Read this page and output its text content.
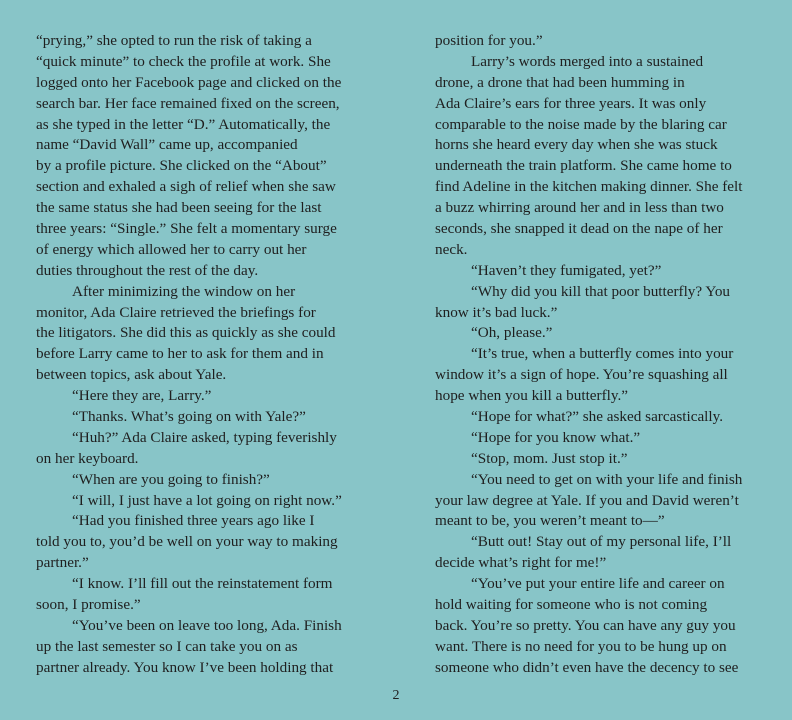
“prying,” she opted to run the risk of taking a
“quick minute” to check the profile at work. She
logged onto her Facebook page and clicked on the
search bar. Her face remained fixed on the screen,
as she typed in the letter “D.” Automatically, the
name “David Wall” came up, accompanied
by a profile picture. She clicked on the “About”
section and exhaled a sigh of relief when she saw
the same status she had been seeing for the last
three years: “Single.” She felt a momentary surge
of energy which allowed her to carry out her
duties throughout the rest of the day.
After minimizing the window on her
monitor, Ada Claire retrieved the briefings for
the litigators. She did this as quickly as she could
before Larry came to her to ask for them and in
between topics, ask about Yale.
“Here they are, Larry.”
“Thanks. What’s going on with Yale?”
“Huh?” Ada Claire asked, typing feverishly
on her keyboard.
“When are you going to finish?”
“I will, I just have a lot going on right now.”
“Had you finished three years ago like I
told you to, you’d be well on your way to making
partner.”
“I know. I’ll fill out the reinstatement form
soon, I promise.”
“You’ve been on leave too long, Ada. Finish
up the last semester so I can take you on as
partner already. You know I’ve been holding that
position for you.”
Larry’s words merged into a sustained
drone, a drone that had been humming in
Ada Claire’s ears for three years. It was only
comparable to the noise made by the blaring car
horns she heard every day when she was stuck
underneath the train platform. She came home to
find Adeline in the kitchen making dinner. She felt
a buzz whirring around her and in less than two
seconds, she snapped it dead on the nape of her
neck.
“Haven’t they fumigated, yet?”
“Why did you kill that poor butterfly? You
know it’s bad luck.”
“Oh, please.”
“It’s true, when a butterfly comes into your
window it’s a sign of hope. You’re squashing all
hope when you kill a butterfly.”
“Hope for what?” she asked sarcastically.
“Hope for you know what.”
“Stop, mom. Just stop it.”
“You need to get on with your life and finish
your law degree at Yale. If you and David weren’t
meant to be, you weren’t meant to—”
“Butt out! Stay out of my personal life, I’ll
decide what’s right for me!”
“You’ve put your entire life and career on
hold waiting for someone who is not coming
back. You’re so pretty. You can have any guy you
want. There is no need for you to be hung up on
someone who didn’t even have the decency to see
2
